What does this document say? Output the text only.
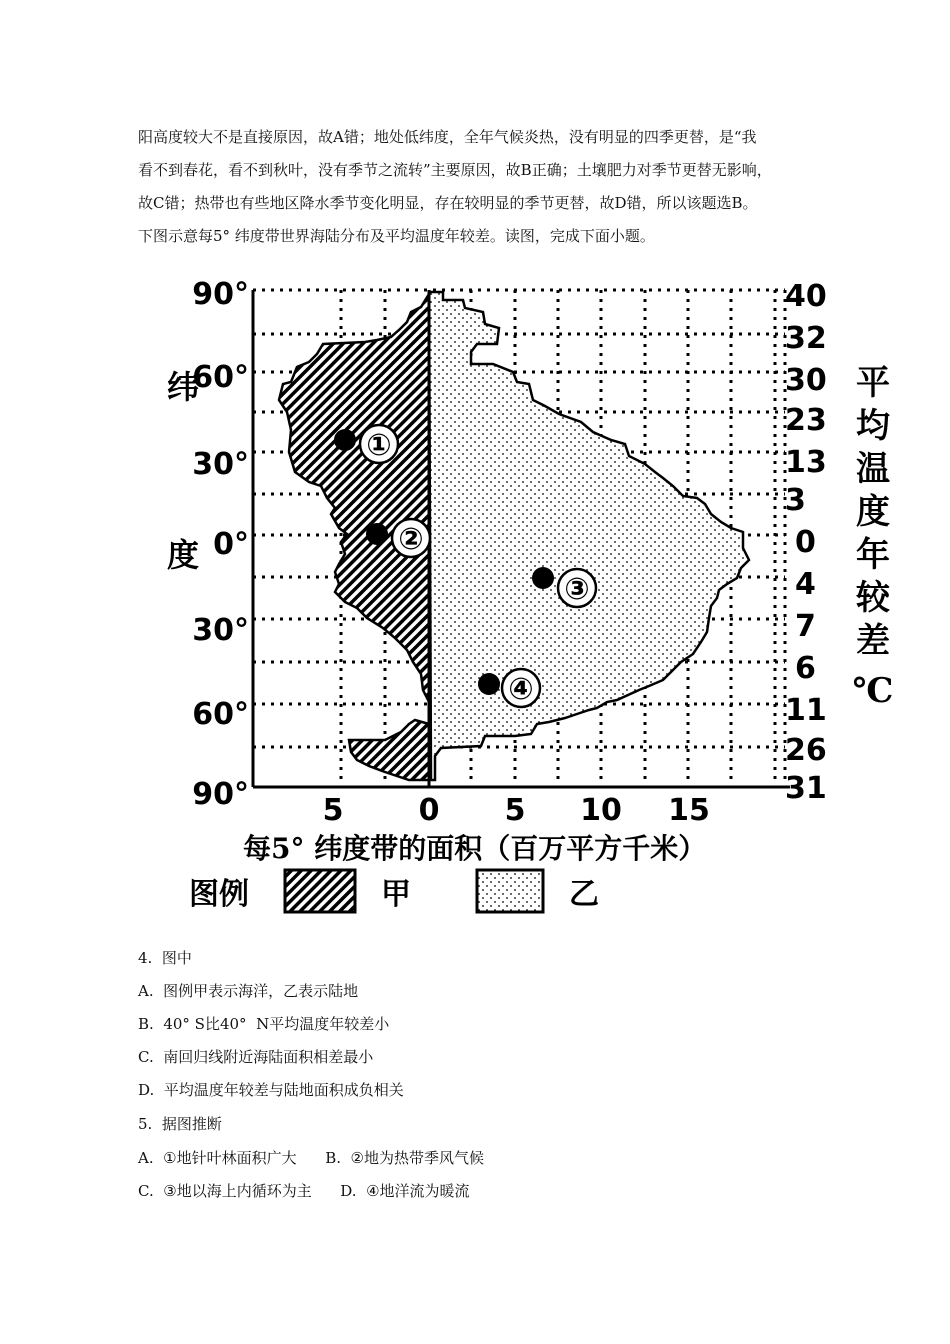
阳高度较大不是直接原因，故A错；地处低纬度，全年气候炎热，没有明显的四季更替，是“我
看不到春花，看不到秋叶，没有季节之流转”主要原因，故B正确；土壤肥力对季节更替无影响，
故C错；热带也有些地区降水季节变化明显，存在较明显的季节更替，故D错，所以该题选B。
下图示意每5° 纬度带世界海陆分布及平均温度年较差。读图，完成下面小题。
90°
60°
30°
0°
30°
60°
90°
纬
度
40
32
30
23
13
3
0
4
7
6
11
26
31
平
均
温
度
年
较
差
℃
5	0 5 10 15
每5° 纬度带的面积（百万平方千米）
①
②
③
④
图例	甲	乙
4.  图中
A.  图例甲表示海洋，乙表示陆地
B.  40° S比40°  N平均温度年较差小
C.  南回归线附近海陆面积相差最小
D.  平均温度年较差与陆地面积成负相关
5.  据图推断
A.  ①地针叶林面积广大      B.  ②地为热带季风气候
C.  ③地以海上内循环为主      D.  ④地洋流为暖流
